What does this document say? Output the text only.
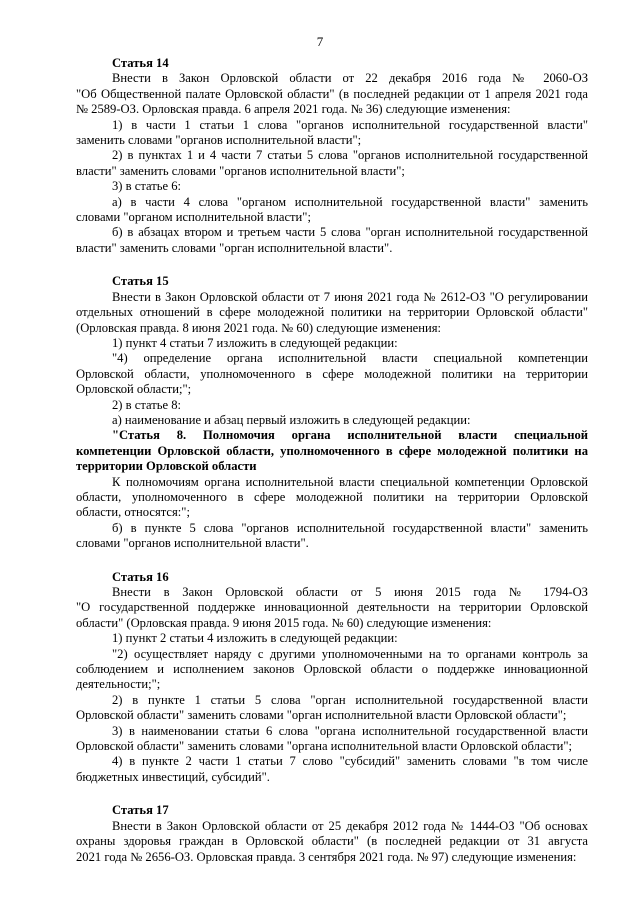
7
Статья 14
Внести в Закон Орловской области от 22 декабря 2016 года № 2060-ОЗ
"Об Общественной палате Орловской области" (в последней редакции от 1 апреля 2021 года
№ 2589-ОЗ. Орловская правда. 6 апреля 2021 года. № 36) следующие изменения:
1) в части 1 статьи 1 слова "органов исполнительной государственной власти"
заменить словами "органов исполнительной власти";
2) в пунктах 1 и 4 части 7 статьи 5 слова "органов исполнительной государственной
власти" заменить словами "органов исполнительной власти";
3) в статье 6:
а) в части 4 слова "органом исполнительной государственной власти" заменить
словами "органом исполнительной власти";
б) в абзацах втором и третьем части 5 слова "орган исполнительной государственной
власти" заменить словами "орган исполнительной власти".
Статья 15
Внести в Закон Орловской области от 7 июня 2021 года № 2612-ОЗ "О регулировании
отдельных отношений в сфере молодежной политики на территории Орловской области"
(Орловская правда. 8 июня 2021 года. № 60) следующие изменения:
1) пункт 4 статьи 7 изложить в следующей редакции:
"4) определение органа исполнительной власти специальной компетенции
Орловской области, уполномоченного в сфере молодежной политики на территории
Орловской области;";
2) в статье 8:
а) наименование и абзац первый изложить в следующей редакции:
"Статья 8. Полномочия органа исполнительной власти специальной
компетенции Орловской области, уполномоченного в сфере молодежной политики на
территории Орловской области
К полномочиям органа исполнительной власти специальной компетенции Орловской
области, уполномоченного в сфере молодежной политики на территории Орловской
области, относятся:";
б) в пункте 5 слова "органов исполнительной государственной власти" заменить
словами "органов исполнительной власти".
Статья 16
Внести в Закон Орловской области от 5 июня 2015 года № 1794-ОЗ
"О государственной поддержке инновационной деятельности на территории Орловской
области" (Орловская правда. 9 июня 2015 года. № 60) следующие изменения:
1) пункт 2 статьи 4 изложить в следующей редакции:
"2) осуществляет наряду с другими уполномоченными на то органами контроль за
соблюдением и исполнением законов Орловской области о поддержке инновационной
деятельности;";
2) в пункте 1 статьи 5 слова "орган исполнительной государственной власти
Орловской области" заменить словами "орган исполнительной власти Орловской области";
3) в наименовании статьи 6 слова "органа исполнительной государственной власти
Орловской области" заменить словами "органа исполнительной власти Орловской области";
4) в пункте 2 части 1 статьи 7 слово "субсидий" заменить словами "в том числе
бюджетных инвестиций, субсидий".
Статья 17
Внести в Закон Орловской области от 25 декабря 2012 года № 1444-ОЗ "Об основах
охраны здоровья граждан в Орловской области" (в последней редакции от 31 августа
2021 года № 2656-ОЗ. Орловская правда. 3 сентября 2021 года. № 97) следующие изменения:
